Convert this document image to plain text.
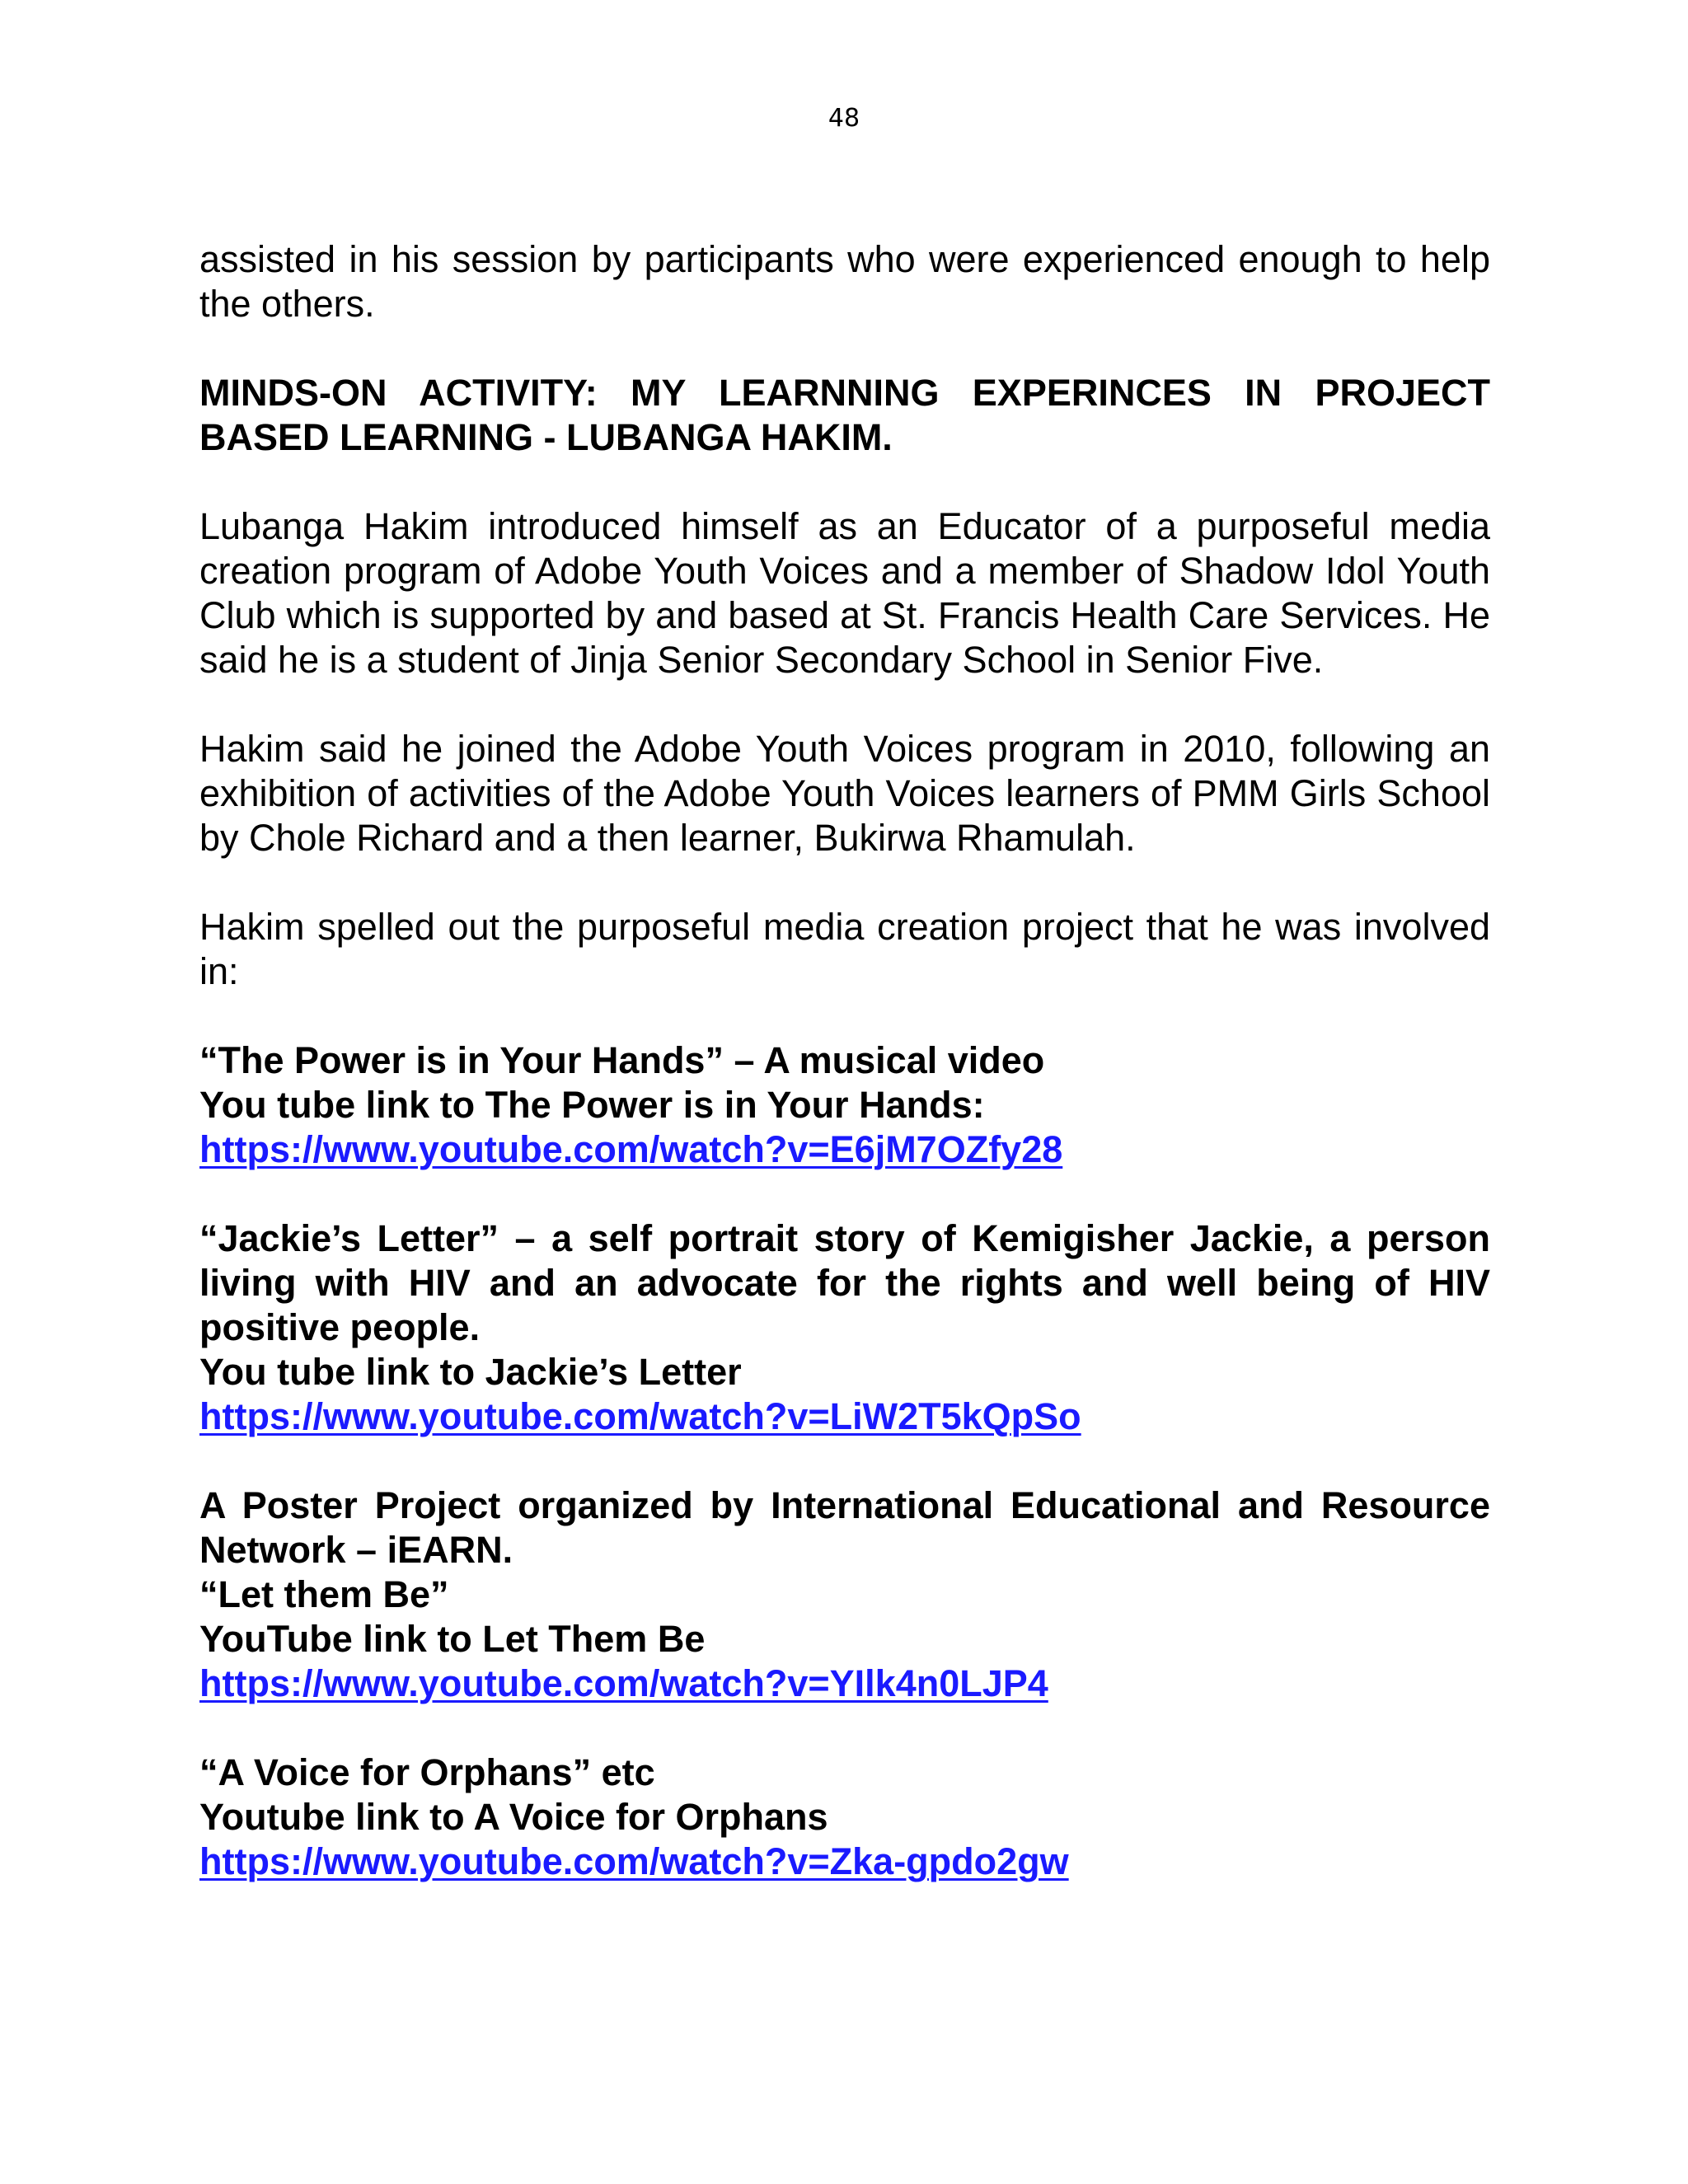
48

assisted in his session by participants who were experienced enough to help the others.

MINDS-ON ACTIVITY: MY LEARNNING EXPERINCES IN PROJECT BASED LEARNING - LUBANGA HAKIM.

Lubanga Hakim introduced himself as an Educator of a purposeful media creation program of Adobe Youth Voices and a member of Shadow Idol Youth Club which is supported by and based at St. Francis Health Care Services. He said he is a student of Jinja Senior Secondary School in Senior Five.

Hakim said he joined the Adobe Youth Voices program in 2010, following an exhibition of activities of the Adobe Youth Voices learners of PMM Girls School by Chole Richard and a then learner, Bukirwa Rhamulah.

Hakim spelled out the purposeful media creation project that he was involved in:

“The Power is in Your Hands” – A musical video
You tube link to The Power is in Your Hands:
https://www.youtube.com/watch?v=E6jM7OZfy28
“Jackie’s Letter” – a self portrait story of Kemigisher Jackie, a person living with HIV and an advocate for the rights and well being of HIV positive people.
You tube link to Jackie’s Letter
https://www.youtube.com/watch?v=LiW2T5kQpSo
A Poster Project organized by International Educational and Resource Network – iEARN.
“Let them Be”
YouTube link to Let Them Be
https://www.youtube.com/watch?v=YIlk4n0LJP4
“A Voice for Orphans” etc
Youtube link to A Voice for Orphans
https://www.youtube.com/watch?v=Zka-gpdo2gw
